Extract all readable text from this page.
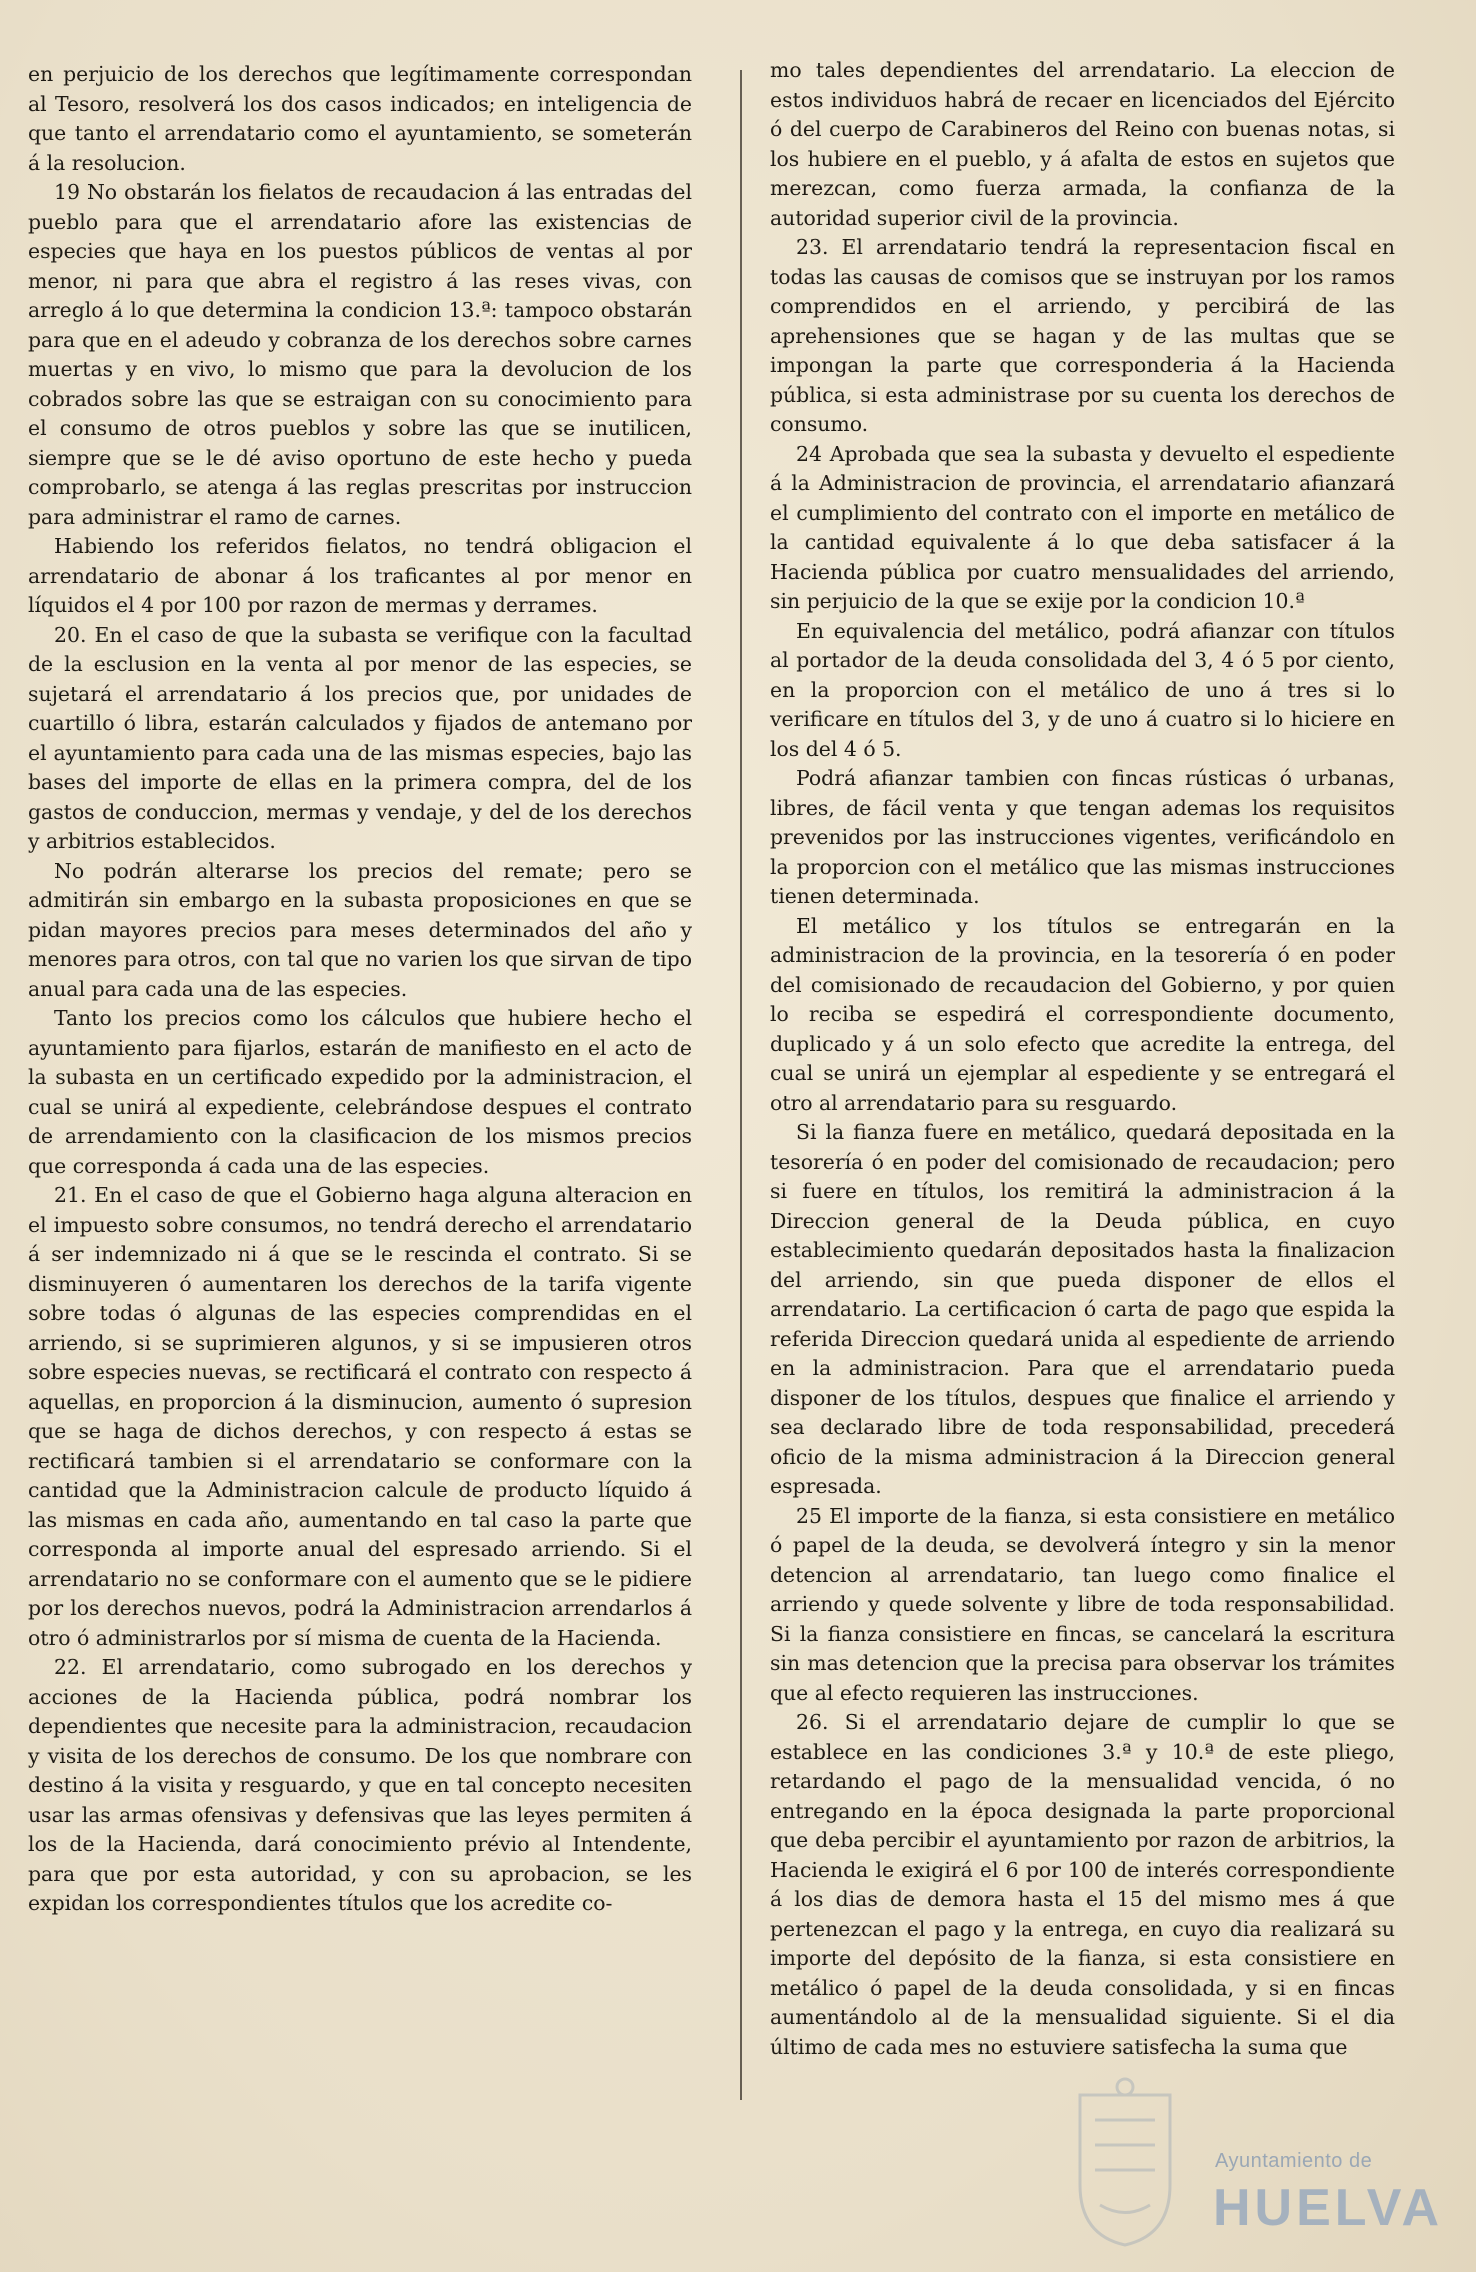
en perjuicio de los derechos que legítimamente correspondan al Tesoro, resolverá los dos casos indicados; en inteligencia de que tanto el arrendatario como el ayuntamiento, se someterán á la resolucion.

19 No obstarán los fielatos de recaudacion á las entradas del pueblo para que el arrendatario afore las existencias de especies que haya en los puestos públicos de ventas al por menor, ni para que abra el registro á las reses vivas, con arreglo á lo que determina la condicion 13.ª: tampoco obstarán para que en el adeudo y cobranza de los derechos sobre carnes muertas y en vivo, lo mismo que para la devolucion de los cobrados sobre las que se estraigan con su conocimiento para el consumo de otros pueblos y sobre las que se inutilicen, siempre que se le dé aviso oportuno de este hecho y pueda comprobarlo, se atenga á las reglas prescritas por instruccion para administrar el ramo de carnes.

Habiendo los referidos fielatos, no tendrá obligacion el arrendatario de abonar á los traficantes al por menor en líquidos el 4 por 100 por razon de mermas y derrames.

20. En el caso de que la subasta se verifique con la facultad de la esclusion en la venta al por menor de las especies, se sujetará el arrendatario á los precios que, por unidades de cuartillo ó libra, estarán calculados y fijados de antemano por el ayuntamiento para cada una de las mismas especies, bajo las bases del importe de ellas en la primera compra, del de los gastos de conduccion, mermas y vendaje, y del de los derechos y arbitrios establecidos.

No podrán alterarse los precios del remate; pero se admitirán sin embargo en la subasta proposiciones en que se pidan mayores precios para meses determinados del año y menores para otros, con tal que no varien los que sirvan de tipo anual para cada una de las especies.

Tanto los precios como los cálculos que hubiere hecho el ayuntamiento para fijarlos, estarán de manifiesto en el acto de la subasta en un certificado expedido por la administracion, el cual se unirá al expediente, celebrándose despues el contrato de arrendamiento con la clasificacion de los mismos precios que corresponda á cada una de las especies.

21. En el caso de que el Gobierno haga alguna alteracion en el impuesto sobre consumos, no tendrá derecho el arrendatario á ser indemnizado ni á que se le rescinda el contrato. Si se disminuyeren ó aumentaren los derechos de la tarifa vigente sobre todas ó algunas de las especies comprendidas en el arriendo, si se suprimieren algunos, y si se impusieren otros sobre especies nuevas, se rectificará el contrato con respecto á aquellas, en proporcion á la disminucion, aumento ó supresion que se haga de dichos derechos, y con respecto á estas se rectificará tambien si el arrendatario se conformare con la cantidad que la Administracion calcule de producto líquido á las mismas en cada año, aumentando en tal caso la parte que corresponda al importe anual del espresado arriendo. Si el arrendatario no se conformare con el aumento que se le pidiere por los derechos nuevos, podrá la Administracion arrendarlos á otro ó administrarlos por sí misma de cuenta de la Hacienda.

22. El arrendatario, como subrogado en los derechos y acciones de la Hacienda pública, podrá nombrar los dependientes que necesite para la administracion, recaudacion y visita de los derechos de consumo. De los que nombrare con destino á la visita y resguardo, y que en tal concepto necesiten usar las armas ofensivas y defensivas que las leyes permiten á los de la Hacienda, dará conocimiento prévio al Intendente, para que por esta autoridad, y con su aprobacion, se les expidan los correspondientes títulos que los acredite co-

mo tales dependientes del arrendatario. La eleccion de estos individuos habrá de recaer en licenciados del Ejército ó del cuerpo de Carabineros del Reino con buenas notas, si los hubiere en el pueblo, y á afalta de estos en sujetos que merezcan, como fuerza armada, la confianza de la autoridad superior civil de la provincia.

23. El arrendatario tendrá la representacion fiscal en todas las causas de comisos que se instruyan por los ramos comprendidos en el arriendo, y percibirá de las aprehensiones que se hagan y de las multas que se impongan la parte que corresponderia á la Hacienda pública, si esta administrase por su cuenta los derechos de consumo.

24 Aprobada que sea la subasta y devuelto el espediente á la Administracion de provincia, el arrendatario afianzará el cumplimiento del contrato con el importe en metálico de la cantidad equivalente á lo que deba satisfacer á la Hacienda pública por cuatro mensualidades del arriendo, sin perjuicio de la que se exije por la condicion 10.ª

En equivalencia del metálico, podrá afianzar con títulos al portador de la deuda consolidada del 3, 4 ó 5 por ciento, en la proporcion con el metálico de uno á tres si lo verificare en títulos del 3, y de uno á cuatro si lo hiciere en los del 4 ó 5.

Podrá afianzar tambien con fincas rústicas ó urbanas, libres, de fácil venta y que tengan ademas los requisitos prevenidos por las instrucciones vigentes, verificándolo en la proporcion con el metálico que las mismas instrucciones tienen determinada.

El metálico y los títulos se entregarán en la administracion de la provincia, en la tesorería ó en poder del comisionado de recaudacion del Gobierno, y por quien lo reciba se espedirá el correspondiente documento, duplicado y á un solo efecto que acredite la entrega, del cual se unirá un ejemplar al espediente y se entregará el otro al arrendatario para su resguardo.

Si la fianza fuere en metálico, quedará depositada en la tesorería ó en poder del comisionado de recaudacion; pero si fuere en títulos, los remitirá la administracion á la Direccion general de la Deuda pública, en cuyo establecimiento quedarán depositados hasta la finalizacion del arriendo, sin que pueda disponer de ellos el arrendatario. La certificacion ó carta de pago que espida la referida Direccion quedará unida al espediente de arriendo en la administracion. Para que el arrendatario pueda disponer de los títulos, despues que finalice el arriendo y sea declarado libre de toda responsabilidad, precederá oficio de la misma administracion á la Direccion general espresada.

25 El importe de la fianza, si esta consistiere en metálico ó papel de la deuda, se devolverá íntegro y sin la menor detencion al arrendatario, tan luego como finalice el arriendo y quede solvente y libre de toda responsabilidad. Si la fianza consistiere en fincas, se cancelará la escritura sin mas detencion que la precisa para observar los trámites que al efecto requieren las instrucciones.

26. Si el arrendatario dejare de cumplir lo que se establece en las condiciones 3.ª y 10.ª de este pliego, retardando el pago de la mensualidad vencida, ó no entregando en la época designada la parte proporcional que deba percibir el ayuntamiento por razon de arbitrios, la Hacienda le exigirá el 6 por 100 de interés correspondiente á los dias de demora hasta el 15 del mismo mes á que pertenezcan el pago y la entrega, en cuyo dia realizará su importe del depósito de la fianza, si esta consistiere en metálico ó papel de la deuda consolidada, y si en fincas aumentándolo al de la mensualidad siguiente. Si el dia último de cada mes no estuviere satisfecha la suma que

Ayuntamiento de
HUELVA
